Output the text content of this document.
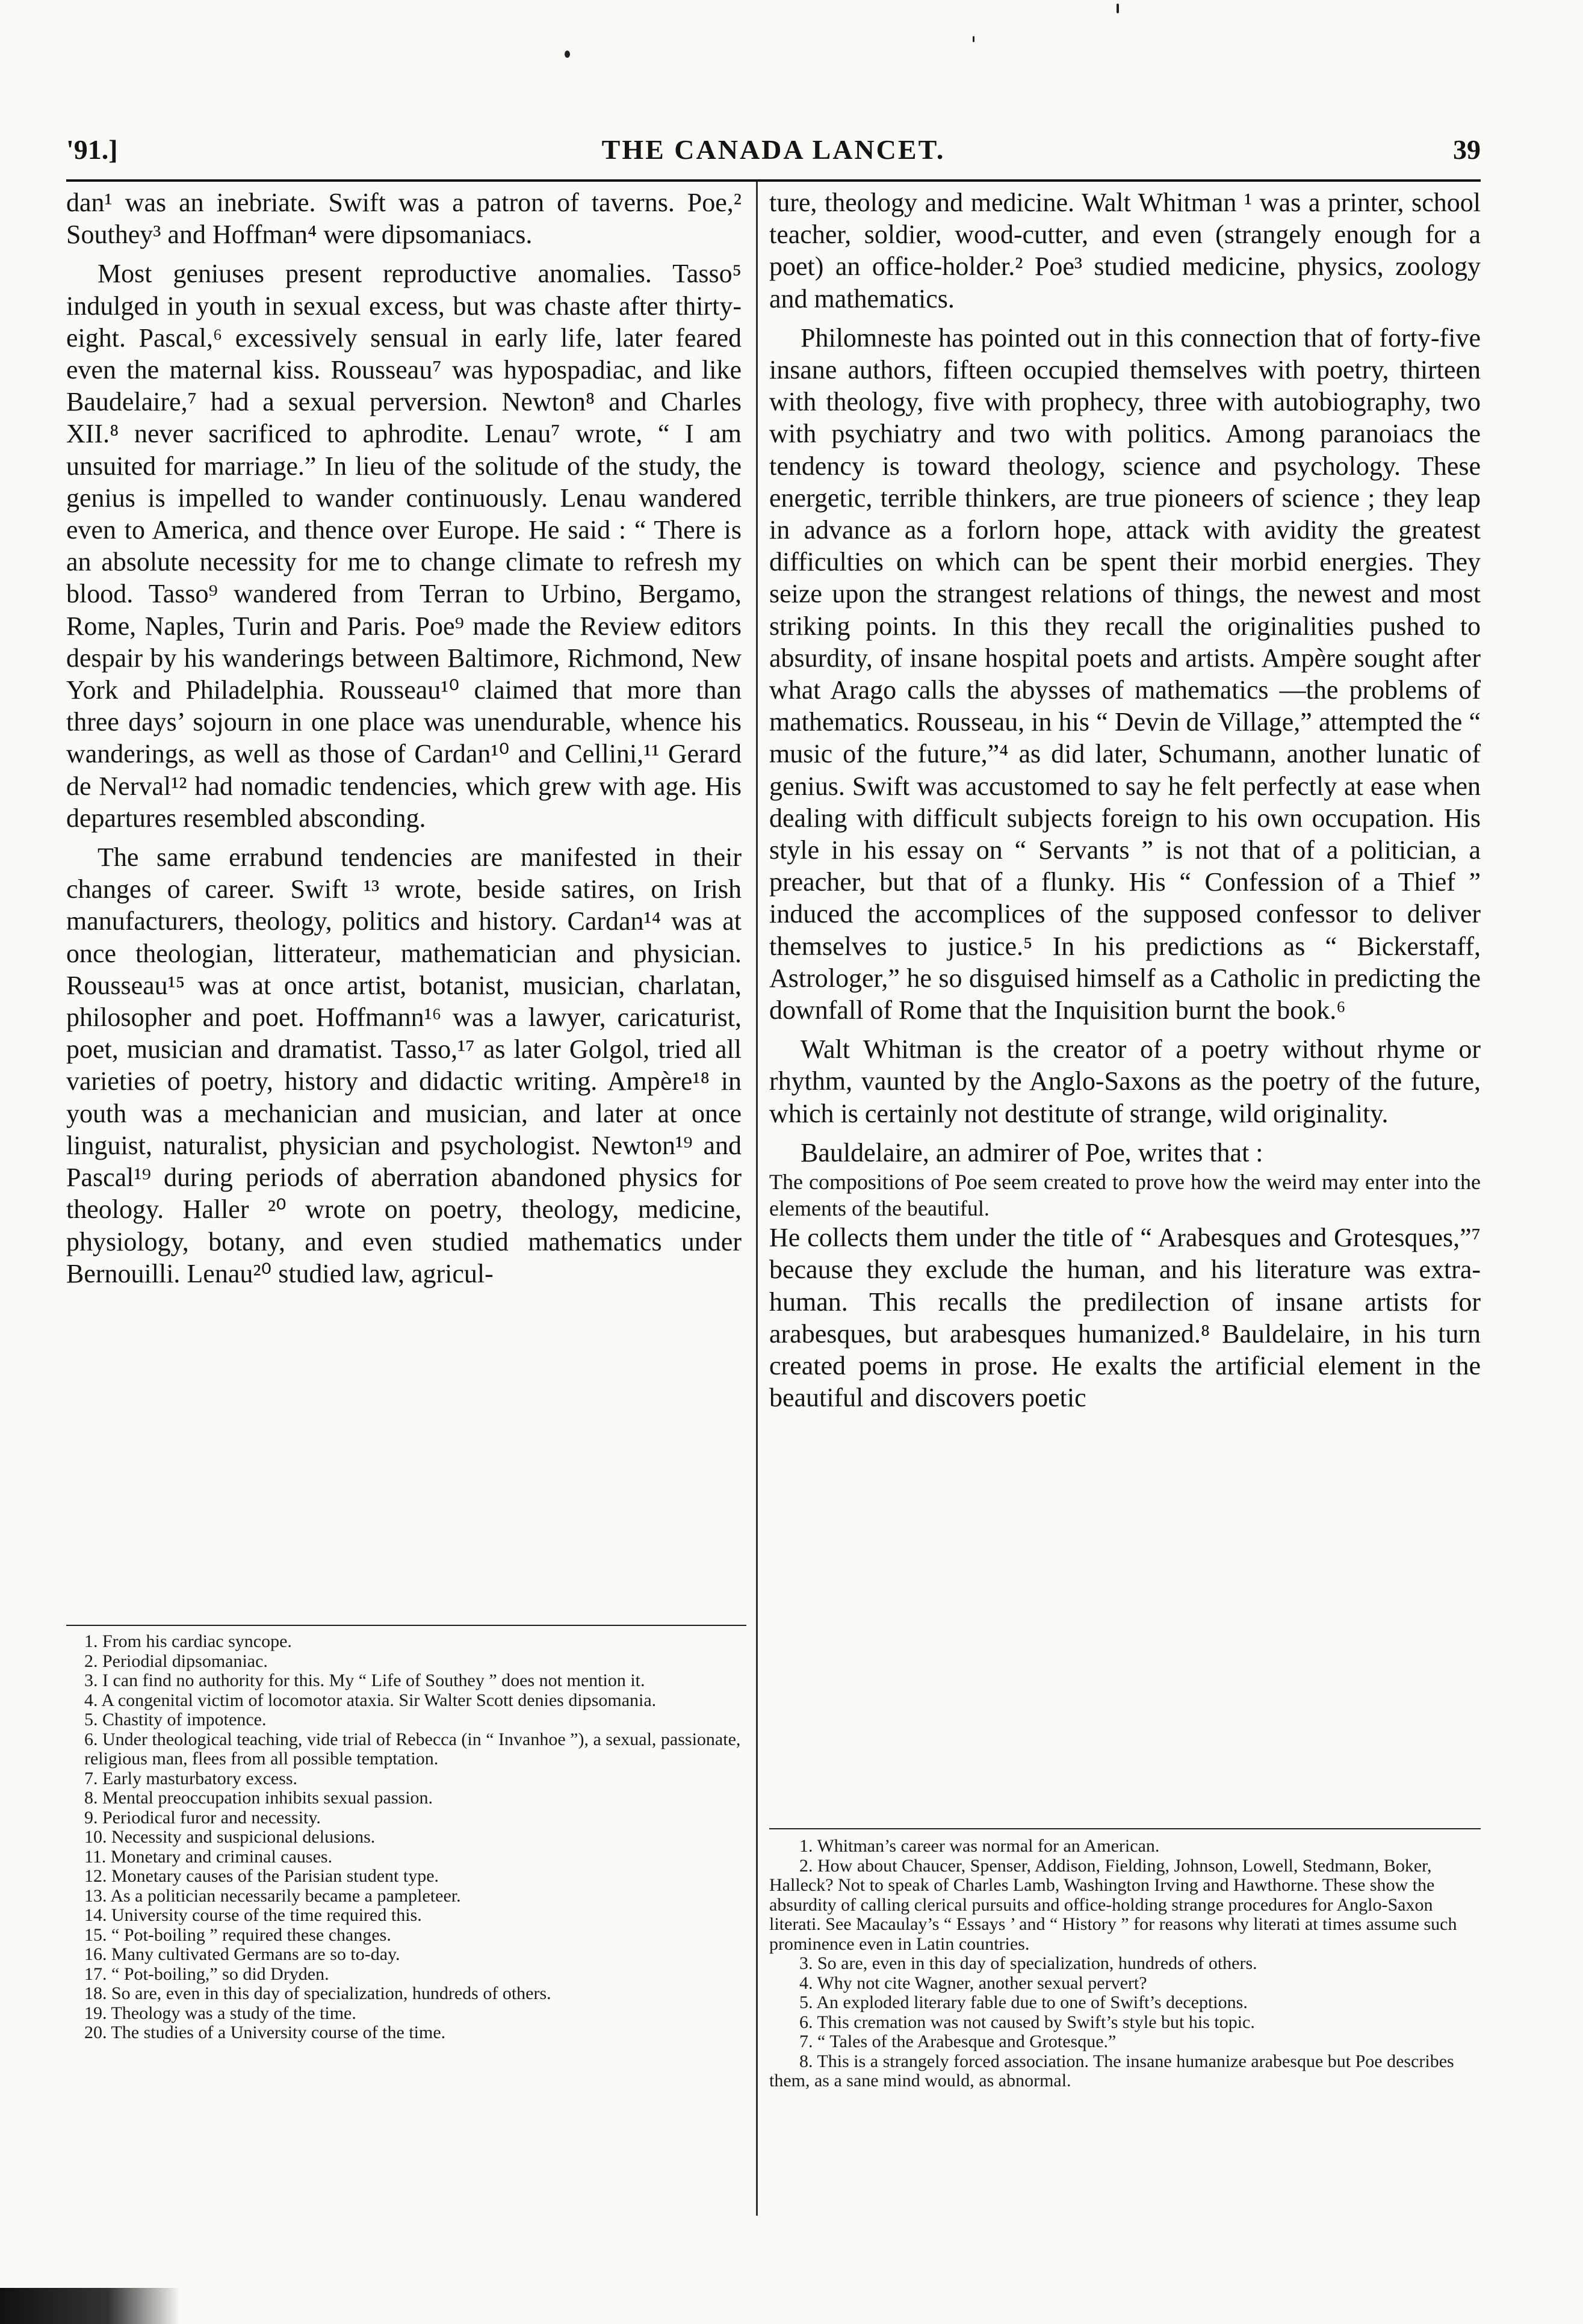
'91.]	THE CANADA LANCET.	39

dan¹ was an inebriate. Swift was a patron of taverns. Poe,² Southey³ and Hoffman⁴ were dipsomaniacs.

Most geniuses present reproductive anomalies. Tasso⁵ indulged in youth in sexual excess, but was chaste after thirty-eight. Pascal,⁶ excessively sensual in early life, later feared even the maternal kiss. Rousseau⁷ was hypospadiac, and like Baudelaire,⁷ had a sexual perversion. Newton⁸ and Charles XII.⁸ never sacrificed to aphrodite. Lenau⁷ wrote, “ I am unsuited for marriage.” In lieu of the solitude of the study, the genius is impelled to wander continuously. Lenau wandered even to America, and thence over Europe. He said : “ There is an absolute necessity for me to change climate to refresh my blood. Tasso⁹ wandered from Terran to Urbino, Bergamo, Rome, Naples, Turin and Paris. Poe⁹ made the Review editors despair by his wanderings between Baltimore, Richmond, New York and Philadelphia. Rousseau¹⁰ claimed that more than three days’ sojourn in one place was unendurable, whence his wanderings, as well as those of Cardan¹⁰ and Cellini,¹¹ Gerard de Nerval¹² had nomadic tendencies, which grew with age. His departures resembled absconding.

The same errabund tendencies are manifested in their changes of career. Swift ¹³ wrote, beside satires, on Irish manufacturers, theology, politics and history. Cardan¹⁴ was at once theologian, litterateur, mathematician and physician. Rousseau¹⁵ was at once artist, botanist, musician, charlatan, philosopher and poet. Hoffmann¹⁶ was a lawyer, caricaturist, poet, musician and dramatist. Tasso,¹⁷ as later Golgol, tried all varieties of poetry, history and didactic writing. Ampère¹⁸ in youth was a mechanician and musician, and later at once linguist, naturalist, physician and psychologist. Newton¹⁹ and Pascal¹⁹ during periods of aberration abandoned physics for theology. Haller ²⁰ wrote on poetry, theology, medicine, physiology, botany, and even studied mathematics under Bernouilli. Lenau²⁰ studied law, agricul-

ture, theology and medicine. Walt Whitman ¹ was a printer, school teacher, soldier, wood-cutter, and even (strangely enough for a poet) an office-holder.² Poe³ studied medicine, physics, zoology and mathematics.

Philomneste has pointed out in this connection that of forty-five insane authors, fifteen occupied themselves with poetry, thirteen with theology, five with prophecy, three with autobiography, two with psychiatry and two with politics. Among paranoiacs the tendency is toward theology, science and psychology. These energetic, terrible thinkers, are true pioneers of science ; they leap in advance as a forlorn hope, attack with avidity the greatest difficulties on which can be spent their morbid energies. They seize upon the strangest relations of things, the newest and most striking points. In this they recall the originalities pushed to absurdity, of insane hospital poets and artists. Ampère sought after what Arago calls the abysses of mathematics —the problems of mathematics. Rousseau, in his “ Devin de Village,” attempted the “ music of the future,”⁴ as did later, Schumann, another lunatic of genius. Swift was accustomed to say he felt perfectly at ease when dealing with difficult subjects foreign to his own occupation. His style in his essay on “ Servants ” is not that of a politician, a preacher, but that of a flunky. His “ Confession of a Thief ” induced the accomplices of the supposed confessor to deliver themselves to justice.⁵ In his predictions as “ Bickerstaff, Astrologer,” he so disguised himself as a Catholic in predicting the downfall of Rome that the Inquisition burnt the book.⁶

Walt Whitman is the creator of a poetry without rhyme or rhythm, vaunted by the Anglo-Saxons as the poetry of the future, which is certainly not destitute of strange, wild originality.

Bauldelaire, an admirer of Poe, writes that :

The compositions of Poe seem created to prove how the weird may enter into the elements of the beautiful.

He collects them under the title of “ Arabesques and Grotesques,”⁷ because they exclude the human, and his literature was extra-human. This recalls the predilection of insane artists for arabesques, but arabesques humanized.⁸ Bauldelaire, in his turn created poems in prose. He exalts the artificial element in the beautiful and discovers poetic

1. From his cardiac syncope.
2. Periodial dipsomaniac.
3. I can find no authority for this. My “ Life of Southey ” does not mention it.
4. A congenital victim of locomotor ataxia. Sir Walter Scott denies dipsomania.
5. Chastity of impotence.
6. Under theological teaching, vide trial of Rebecca (in “ Invanhoe ”), a sexual, passionate, religious man, flees from all possible temptation.
7. Early masturbatory excess.
8. Mental preoccupation inhibits sexual passion.
9. Periodical furor and necessity.
10. Necessity and suspicional delusions.
11. Monetary and criminal causes.
12. Monetary causes of the Parisian student type.
13. As a politician necessarily became a pampleteer.
14. University course of the time required this.
15. “ Pot-boiling ” required these changes.
16. Many cultivated Germans are so to-day.
17. “ Pot-boiling,” so did Dryden.
18. So are, even in this day of specialization, hundreds of others.
19. Theology was a study of the time.
20. The studies of a University course of the time.
1. Whitman’s career was normal for an American.
2. How about Chaucer, Spenser, Addison, Fielding, Johnson, Lowell, Stedmann, Boker, Halleck? Not to speak of Charles Lamb, Washington Irving and Hawthorne. These show the absurdity of calling clerical pursuits and office-holding strange procedures for Anglo-Saxon literati. See Macaulay’s “ Essays ’ and “ History ” for reasons why literati at times assume such prominence even in Latin countries.
3. So are, even in this day of specialization, hundreds of others.
4. Why not cite Wagner, another sexual pervert?
5. An exploded literary fable due to one of Swift’s deceptions.
6. This cremation was not caused by Swift’s style but his topic.
7. “ Tales of the Arabesque and Grotesque.”
8. This is a strangely forced association. The insane humanize arabesque but Poe describes them, as a sane mind would, as abnormal.
